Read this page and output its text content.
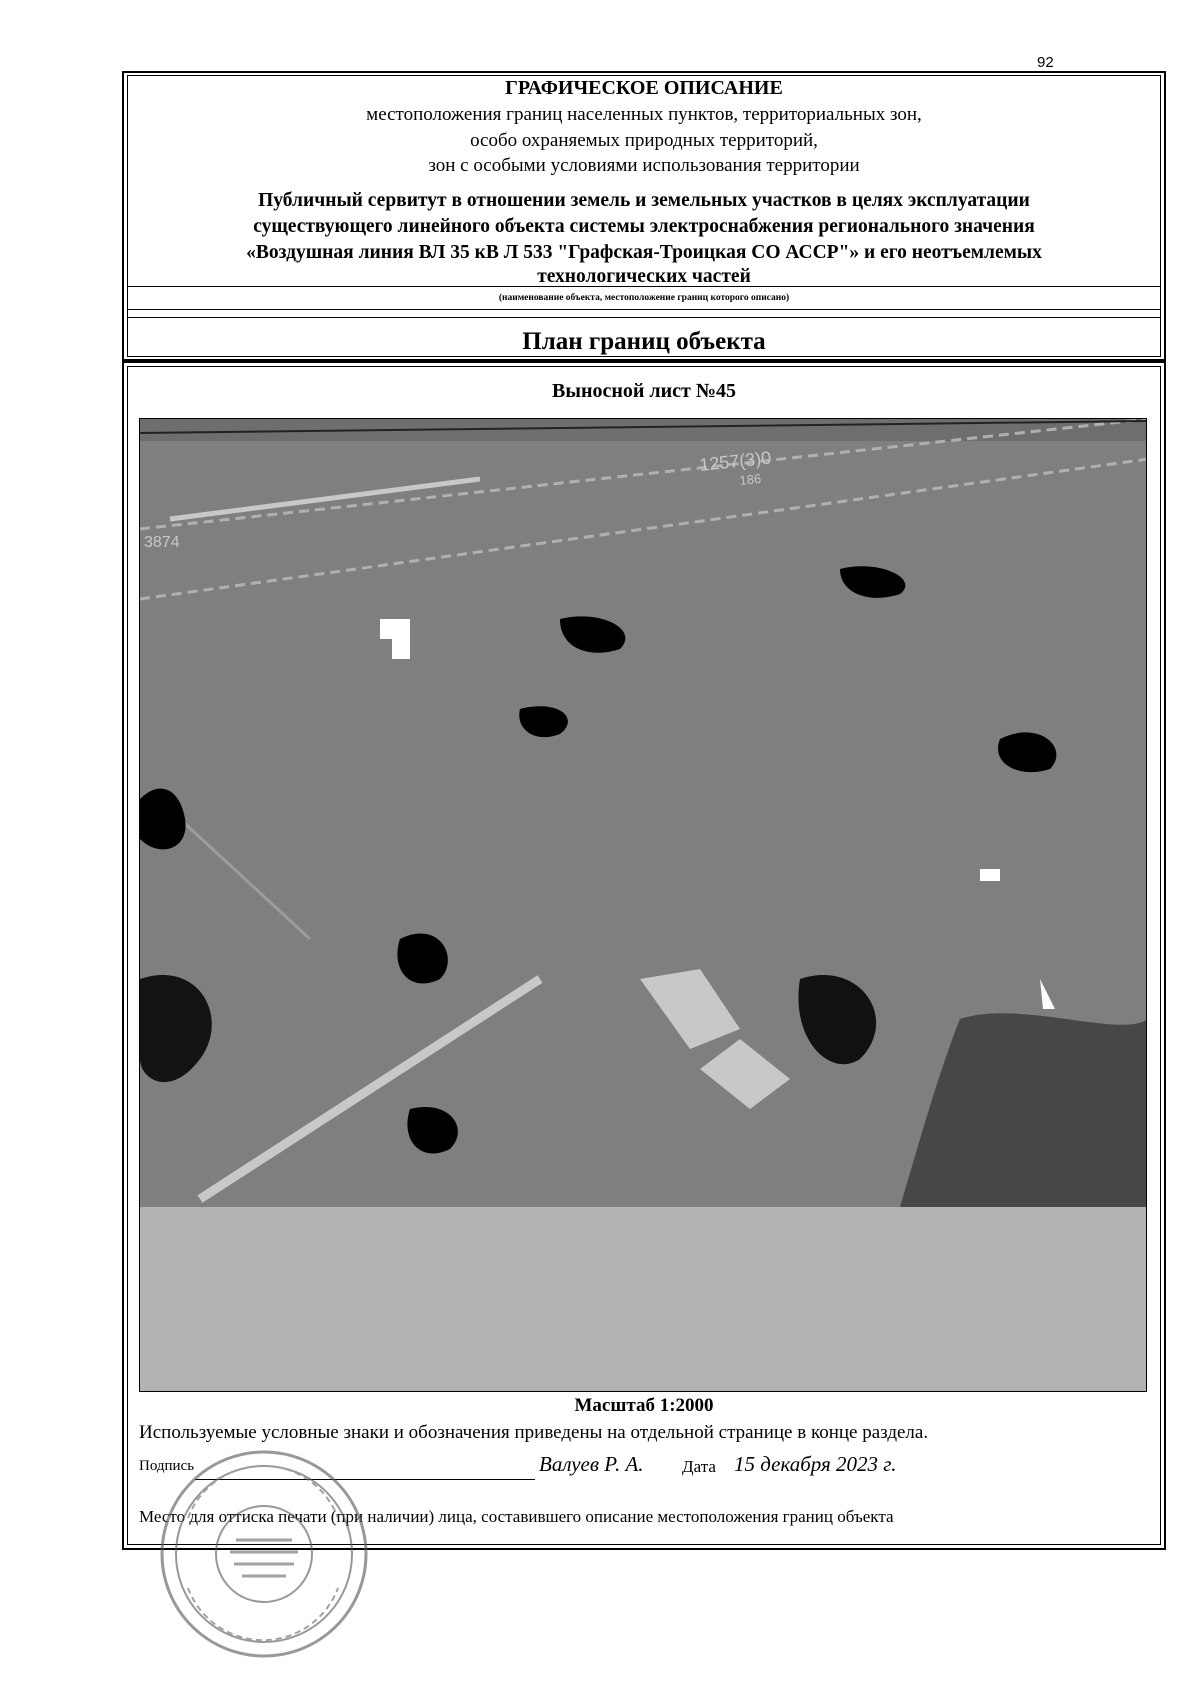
92
ГРАФИЧЕСКОЕ ОПИСАНИЕ
местоположения границ населенных пунктов, территориальных зон,
особо охраняемых природных территорий,
зон с особыми условиями использования территории
Публичный сервитут в отношении земель и земельных участков в целях эксплуатации
существующего линейного объекта системы электроснабжения регионального значения
«Воздушная линия ВЛ 35 кВ Л 533 "Графская-Троицкая СО АССР"» и его неотъемлемых
технологических частей
(наименование объекта, местоположение границ которого описано)
План границ объекта
Выносной лист №45
1257(3)0
186
3874
Масштаб 1:2000
Используемые условные знаки и обозначения приведены на отдельной странице в конце раздела.
Подпись	Валуев Р. А. Дата 15 декабря 2023 г.
Место для оттиска печати (при наличии) лица, составившего описание местоположения границ объекта
